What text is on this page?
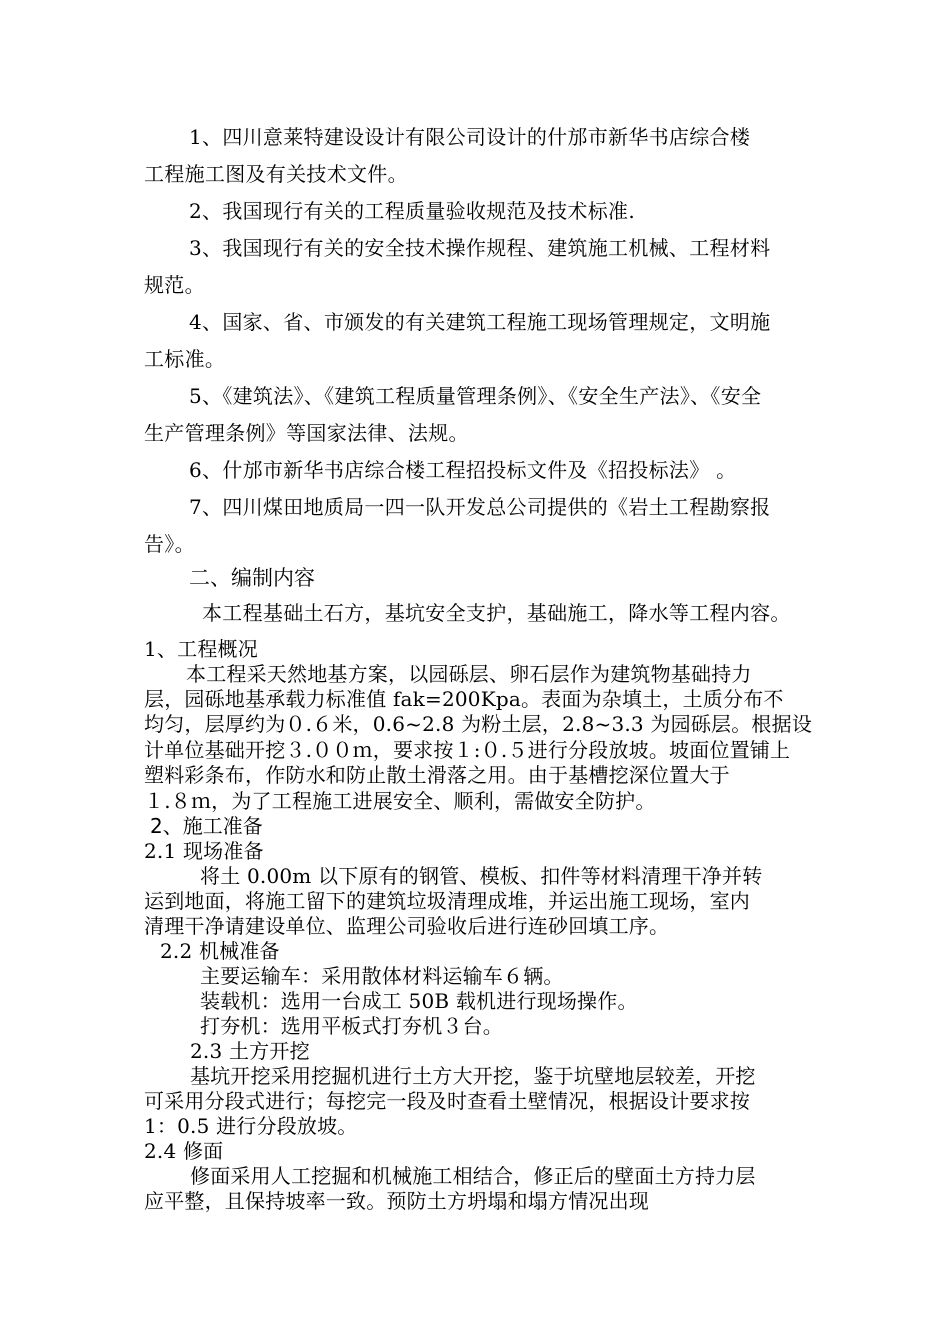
1、四川意莱特建设设计有限公司设计的什邡市新华书店综合楼

工程施工图及有关技术文件。

2、我国现行有关的工程质量验收规范及技术标准.

3、我国现行有关的安全技术操作规程、建筑施工机械、工程材料

规范。

4、国家、省、市颁发的有关建筑工程施工现场管理规定，文明施

工标准。

5、《建筑法》、《建筑工程质量管理条例》、《安全生产法》、《安全

生产管理条例》等国家法律、法规。

6、什邡市新华书店综合楼工程招投标文件及《招投标法》 。

7、四川煤田地质局一四一队开发总公司提供的《岩土工程勘察报

告》。

二、编制内容

本工程基础土石方，基坑安全支护，基础施工，降水等工程内容。

1、工程概况

本工程采天然地基方案，以园砾层、卵石层作为建筑物基础持力

层，园砾地基承载力标准值 fak=200Kpa。表面为杂填土，土质分布不

均匀，层厚约为０.６米，0.6~2.8 为粉土层，2.8~3.3 为园砾层。根据设

计单位基础开挖３.００ｍ，要求按１:０.５进行分段放坡。坡面位置铺上

塑料彩条布，作防水和防止散土滑落之用。由于基槽挖深位置大于

１.８ｍ，为了工程施工进展安全、顺利，需做安全防护。

2、施工准备

2.1 现场准备

将土 0.00m 以下原有的钢管、模板、扣件等材料清理干净并转

运到地面，将施工留下的建筑垃圾清理成堆，并运出施工现场，室内

清理干净请建设单位、监理公司验收后进行连砂回填工序。

2.2 机械准备

主要运输车：采用散体材料运输车６辆。

装载机：选用一台成工 50B 载机进行现场操作。

打夯机：选用平板式打夯机３台。

2.3 土方开挖

基坑开挖采用挖掘机进行土方大开挖，鉴于坑壁地层较差，开挖

可采用分段式进行；每挖完一段及时查看土壁情况，根据设计要求按

1：0.5 进行分段放坡。

2.4 修面

修面采用人工挖掘和机械施工相结合，修正后的壁面土方持力层

应平整，且保持坡率一致。预防土方坍塌和塌方情况出现
